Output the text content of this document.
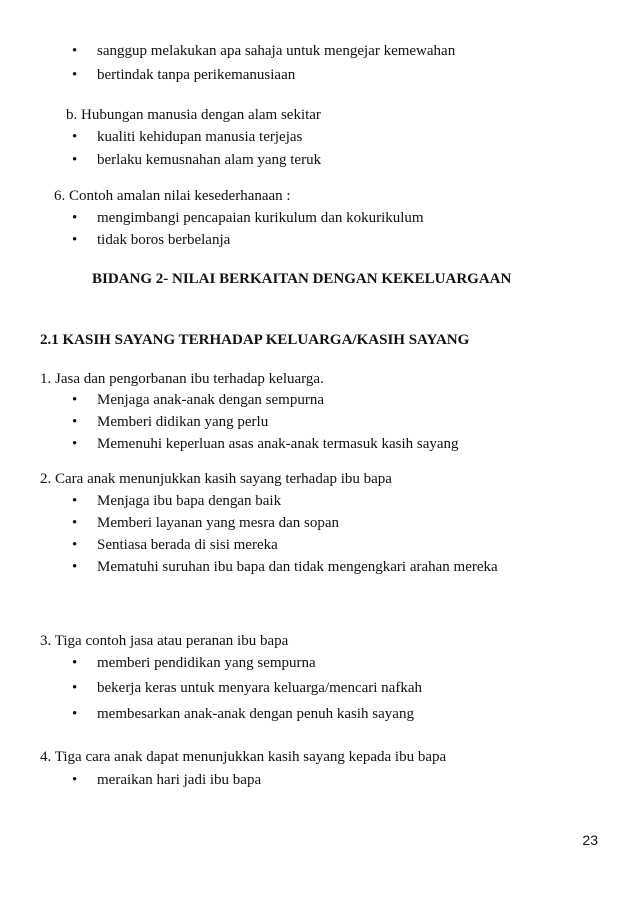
• sanggup melakukan apa sahaja untuk mengejar kemewahan
• bertindak tanpa perikemanusiaan
b. Hubungan manusia dengan alam sekitar
• kualiti kehidupan manusia terjejas
• berlaku kemusnahan alam yang teruk
6. Contoh amalan nilai kesederhanaan :
• mengimbangi pencapaian kurikulum dan kokurikulum
• tidak boros berbelanja
BIDANG 2- NILAI BERKAITAN DENGAN KEKELUARGAAN
2.1 KASIH SAYANG TERHADAP KELUARGA/KASIH SAYANG
1. Jasa dan pengorbanan ibu terhadap keluarga.
• Menjaga anak-anak dengan sempurna
• Memberi didikan yang perlu
• Memenuhi keperluan asas anak-anak termasuk kasih sayang
2. Cara anak menunjukkan kasih sayang terhadap ibu bapa
• Menjaga ibu bapa dengan baik
• Memberi layanan yang mesra dan sopan
• Sentiasa berada di sisi mereka
• Mematuhi suruhan ibu bapa dan tidak mengengkari arahan mereka
3. Tiga contoh jasa atau peranan ibu bapa
• memberi pendidikan yang sempurna
• bekerja keras untuk menyara keluarga/mencari nafkah
• membesarkan anak-anak dengan penuh kasih sayang
4. Tiga cara anak dapat menunjukkan kasih sayang kepada ibu bapa
• meraikan hari jadi ibu bapa
23
